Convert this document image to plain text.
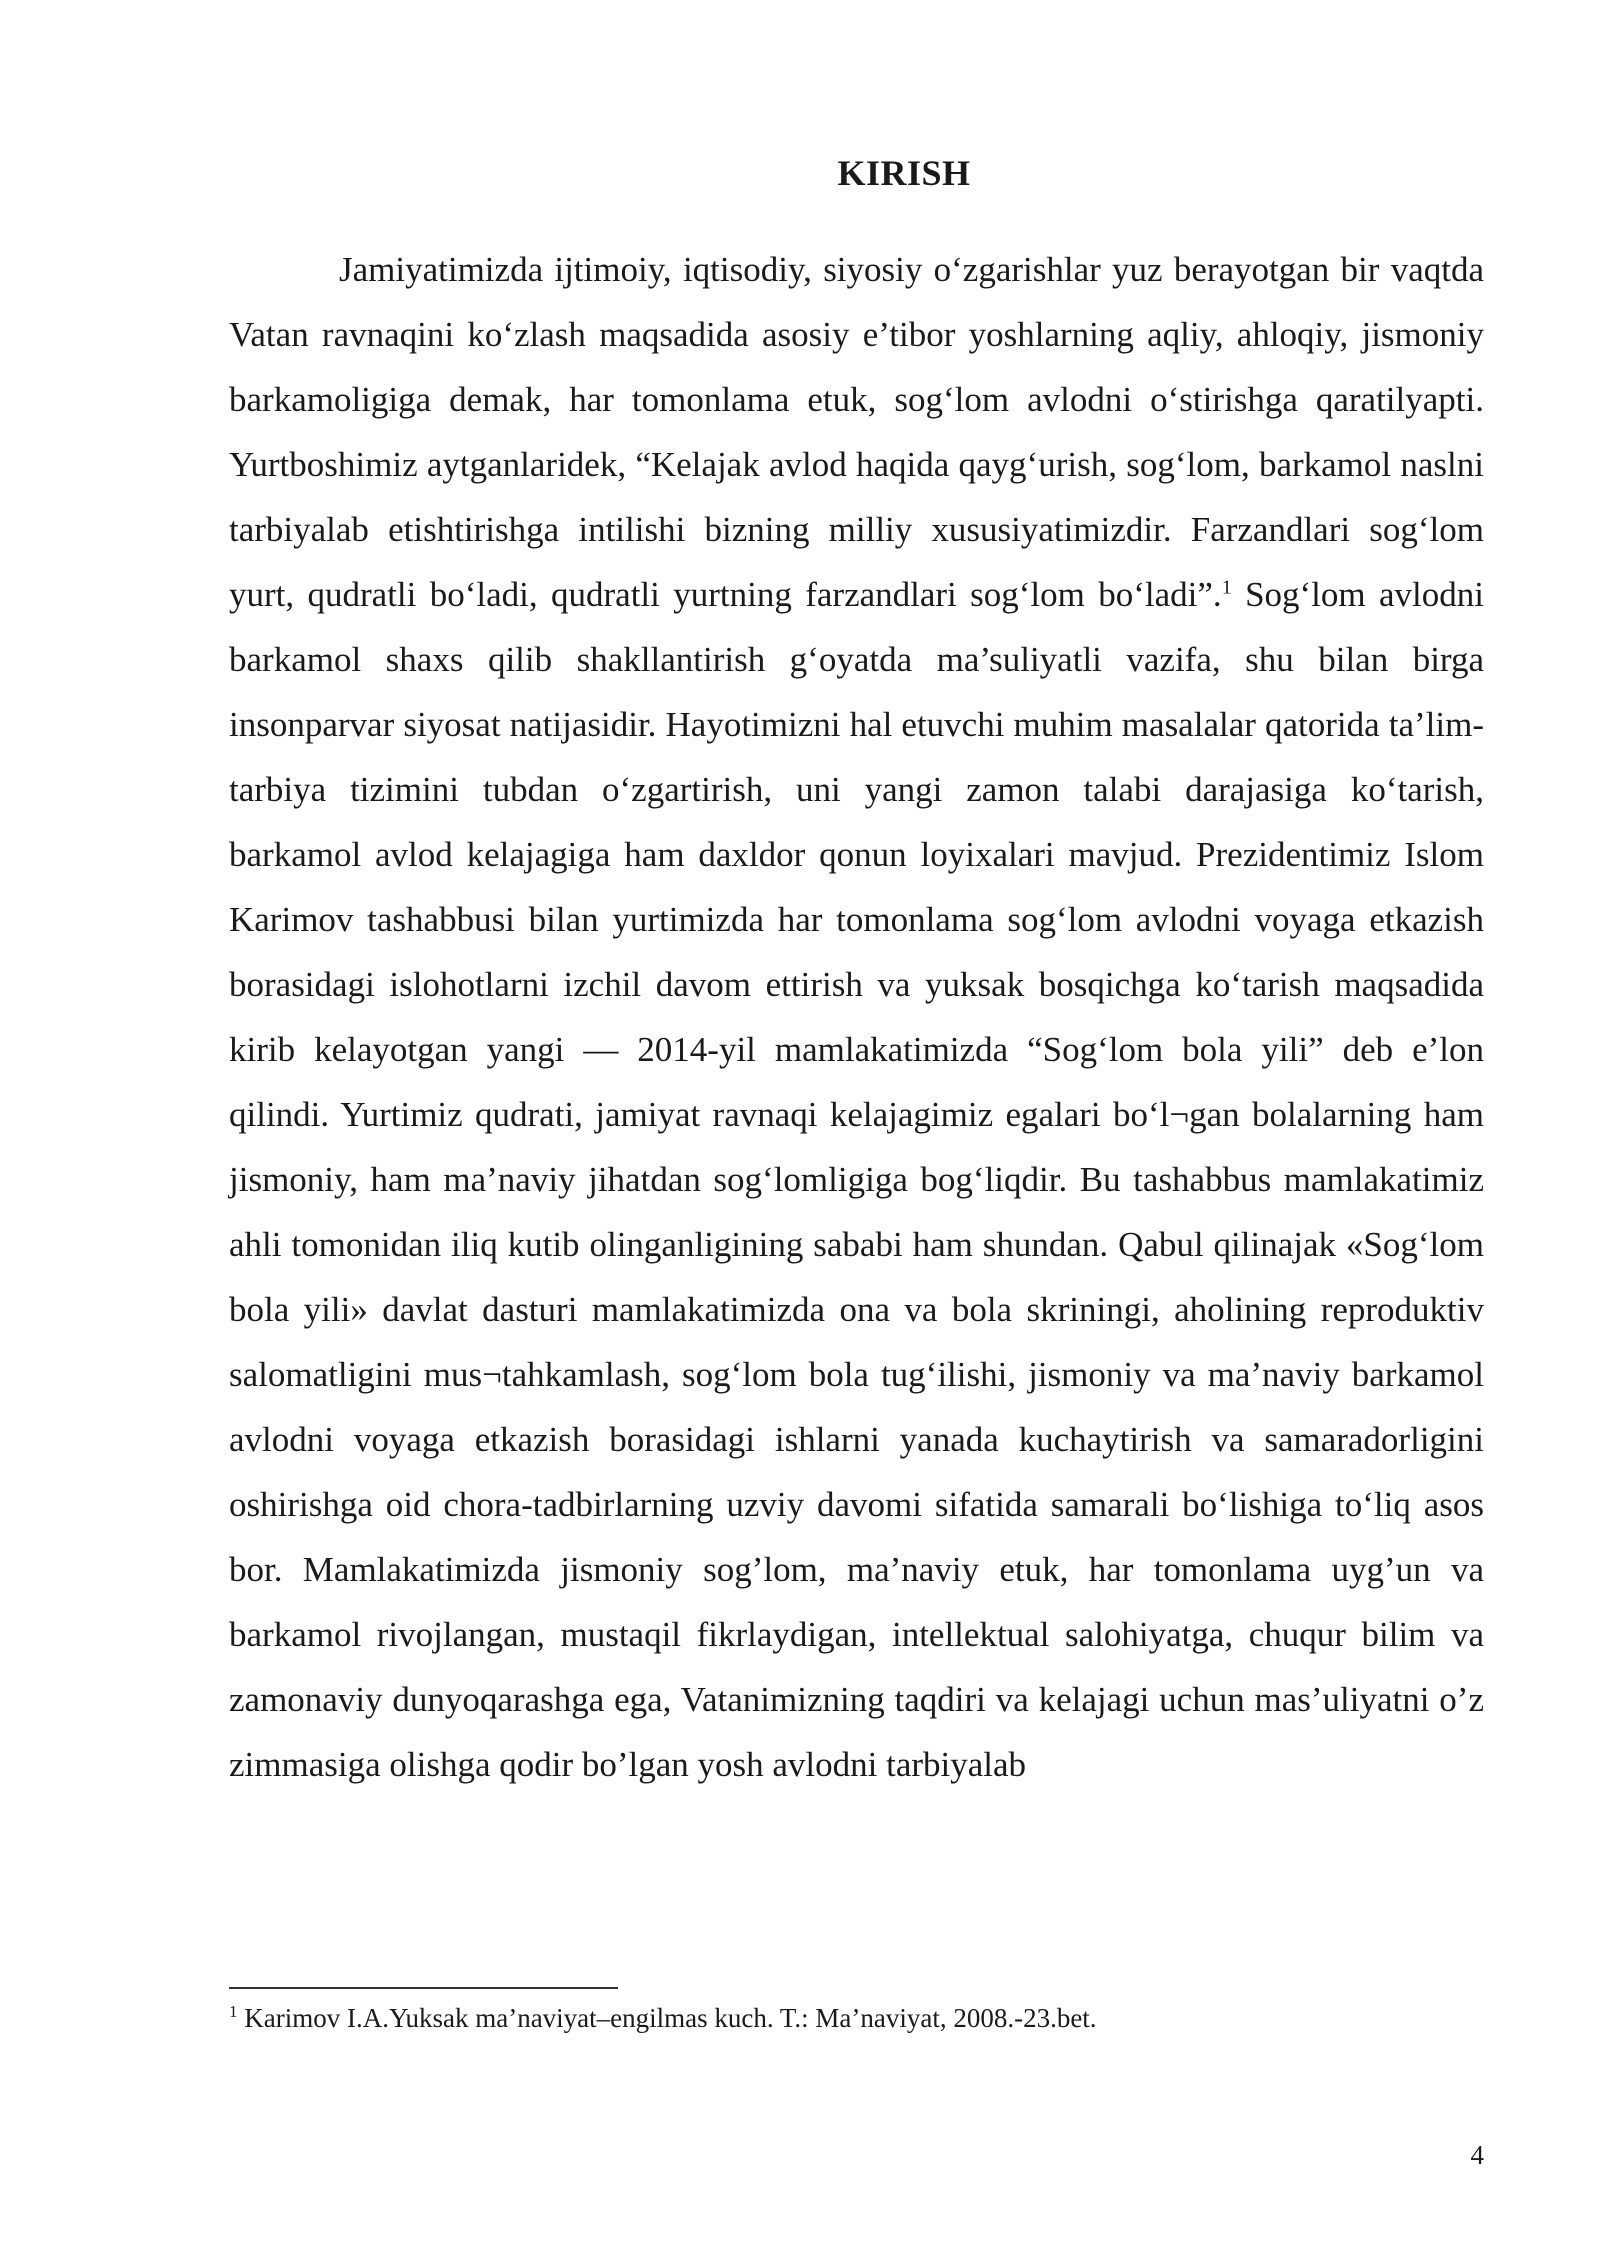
KIRISH

Jamiyatimizda ijtimoiy, iqtisodiy, siyosiy o‘zgarishlar yuz berayotgan bir vaqtda Vatan ravnaqini ko‘zlash maqsadida asosiy e’tibor yoshlarning aqliy, ahloqiy, jismoniy barkamoligiga demak, har tomonlama etuk, sog‘lom avlodni o‘stirishga qaratilyapti. Yurtboshimiz aytganlaridek, “Kelajak avlod haqida qayg‘urish, sog‘lom, barkamol naslni tarbiyalab etishtirishga intilishi bizning milliy xususiyatimizdir. Farzandlari sog‘lom yurt, qudratli bo‘ladi, qudratli yurtning farzandlari sog‘lom bo‘ladi”.$^1$ Sog‘lom avlodni barkamol shaxs qilib shakllantirish g‘oyatda ma’suliyatli vazifa, shu bilan birga insonparvar siyosat natijasidir. Hayotimizni hal etuvchi muhim masalalar qatorida ta’lim-tarbiya tizimini tubdan o‘zgartirish, uni yangi zamon talabi darajasiga ko‘tarish, barkamol avlod kelajagiga ham daxldor qonun loyixalari mavjud. Prezidentimiz Islom Karimov tashabbusi bilan yurtimizda har tomonlama sog‘lom avlodni voyaga etkazish borasidagi islohotlarni izchil davom ettirish va yuksak bosqichga ko‘tarish maqsadida kirib kelayotgan yangi — 2014-yil mamlakatimizda “Sog‘lom bola yili” deb e’lon qilindi. Yurtimiz qudrati, jamiyat ravnaqi kelajagimiz egalari bo‘l¬gan bolalarning ham jismoniy, ham ma’naviy jihatdan sog‘lomligiga bog‘liqdir. Bu tashabbus mamlakatimiz ahli tomonidan iliq kutib olinganligining sababi ham shundan. Qabul qilinajak «Sog‘lom bola yili» davlat dasturi mamlakatimizda ona va bola skriningi, aholining reproduktiv salomatligini mus¬tahkamlash, sog‘lom bola tug‘ilishi, jismoniy va ma’naviy barkamol avlodni voyaga etkazish borasidagi ishlarni yanada kuchaytirish va samaradorligini oshirishga oid chora-tadbirlarning uzviy davomi sifatida samarali bo‘lishiga to‘liq asos bor. Mamlakatimizda jismoniy sog’lom, ma’naviy etuk, har tomonlama uyg’un va barkamol rivojlangan, mustaqil fikrlaydigan, intellektual salohiyatga, chuqur bilim va zamonaviy dunyoqarashga ega, Vatanimizning taqdiri va kelajagi uchun mas’uliyatni o’z zimmasiga olishga qodir bo’lgan yosh avlodni tarbiyalab

$^1$ Karimov I.A.Yuksak ma’naviyat–engilmas kuch. T.: Ma’naviyat, 2008.-23.bet.
4
